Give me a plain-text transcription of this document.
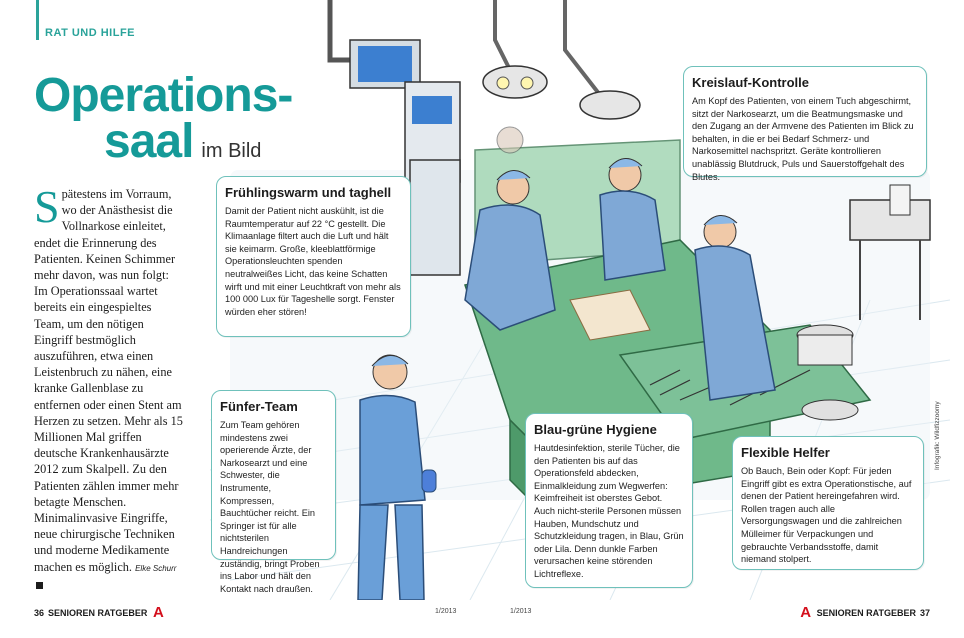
RAT UND HILFE
Operations-
saal im Bild
Spätestens im Vorraum, wo der Anästhesist die Vollnarkose einleitet, endet die Erinnerung des Patienten. Keinen Schimmer mehr davon, was nun folgt: Im Operationssaal wartet bereits ein eingespieltes Team, um den nötigen Eingriff bestmöglich auszuführen, etwa einen Leistenbruch zu nähen, eine kranke Gallenblase zu entfernen oder einen Stent am Herzen zu setzen. Mehr als 15 Millionen Mal griffen deutsche Krankenhausärzte 2012 zum Skalpell. Zu den Patienten zählen immer mehr betagte Menschen. Minimalinvasive Eingriffe, neue chirurgische Techniken und moderne Medikamente machen es möglich. Elke Schurr
Frühlingswarm und taghell

Damit der Patient nicht auskühlt, ist die Raumtemperatur auf 22 °C gestellt. Die Klimaanlage filtert auch die Luft und hält sie keimarm. Große, kleeblattförmige Operationsleuchten spenden neutralweißes Licht, das keine Schatten wirft und mit einer Leuchtkraft von mehr als 100 000 Lux für Tageshelle sorgt. Fenster würden eher stören!

Kreislauf-Kontrolle

Am Kopf des Patienten, von einem Tuch abgeschirmt, sitzt der Narkosearzt, um die Beatmungsmaske und den Zugang an der Armvene des Patienten im Blick zu behalten, in die er bei Bedarf Schmerz- und Narkosemittel nachspritzt. Geräte kontrollieren unablässig Blutdruck, Puls und Sauerstoffgehalt des Blutes.

Fünfer-Team

Zum Team gehören mindestens zwei operierende Ärzte, der Narkosearzt und eine Schwester, die Instrumente, Kompressen, Bauchtücher reicht. Ein Springer ist für alle nichtsterilen Handreichungen zuständig, bringt Proben ins Labor und hält den Kontakt nach draußen.

Blau-grüne Hygiene

Hautdesinfektion, sterile Tücher, die den Patienten bis auf das Operationsfeld abdecken, Einmalkleidung zum Wegwerfen: Keimfreiheit ist oberstes Gebot. Auch nicht-sterile Personen müssen Hauben, Mundschutz und Schutzkleidung tragen, in Blau, Grün oder Lila. Denn dunkle Farben verursachen keine störenden Lichtreflexe.

Flexible Helfer

Ob Bauch, Bein oder Kopf: Für jeden Eingriff gibt es extra Operationstische, auf denen der Patient hereingefahren wird. Rollen tragen auch alle Versorgungswagen und die zahlreichen Mülleimer für Verpackungen und gebrauchte Verbandsstoffe, damit niemand stolpert.

Infografik: Wildfizzoomy
36 SENIOREN RATGEBER А	1/2013	1/2013	А SENIOREN RATGEBER 37
